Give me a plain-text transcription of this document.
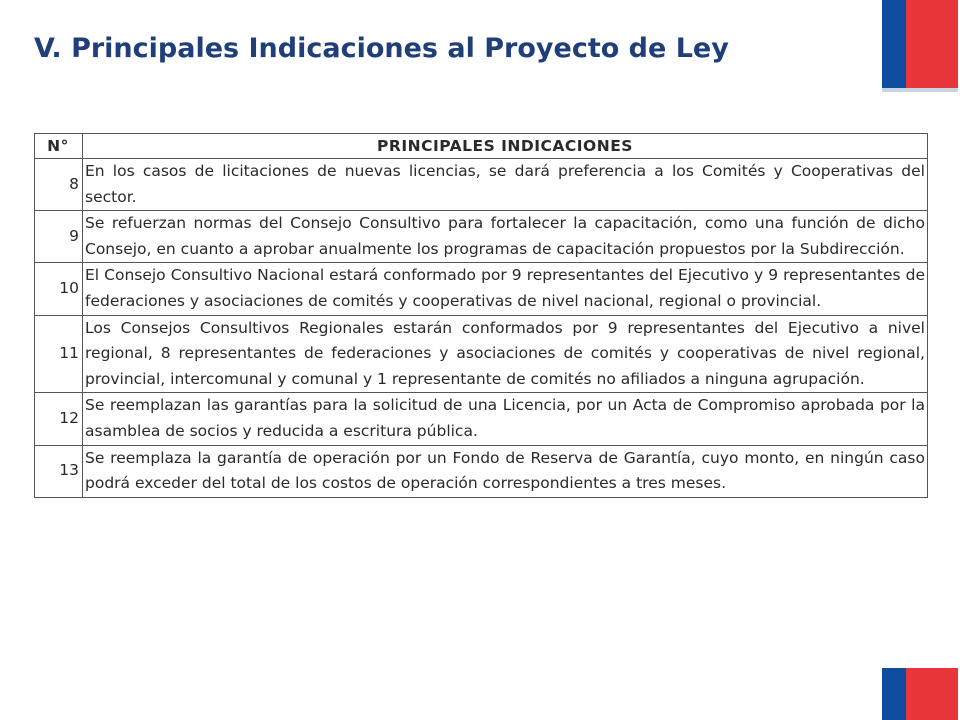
V. Principales Indicaciones al Proyecto de Ley
N°	PRINCIPALES INDICACIONES
8	En los casos de licitaciones de nuevas licencias, se dará preferencia a los Comités y Cooperativas del sector.
9	Se refuerzan normas del Consejo Consultivo para fortalecer la capacitación, como una función de dicho Consejo, en cuanto a aprobar anualmente los programas de capacitación propuestos por la Subdirección.
10	El Consejo Consultivo Nacional estará conformado por 9 representantes del Ejecutivo y 9 representantes de federaciones y asociaciones de comités y cooperativas de nivel nacional, regional o provincial.
11	Los Consejos Consultivos Regionales estarán conformados por 9 representantes del Ejecutivo a nivel regional, 8 representantes de federaciones y asociaciones de comités y cooperativas de nivel regional, provincial, intercomunal y comunal y 1 representante de comités no afiliados a ninguna agrupación.
12	Se reemplazan las garantías para la solicitud de una Licencia, por un Acta de Compromiso aprobada por la asamblea de socios y reducida a escritura pública.
13	Se reemplaza la garantía de operación por un Fondo de Reserva de Garantía, cuyo monto, en ningún caso podrá exceder del total de los costos de operación correspondientes a tres meses.
